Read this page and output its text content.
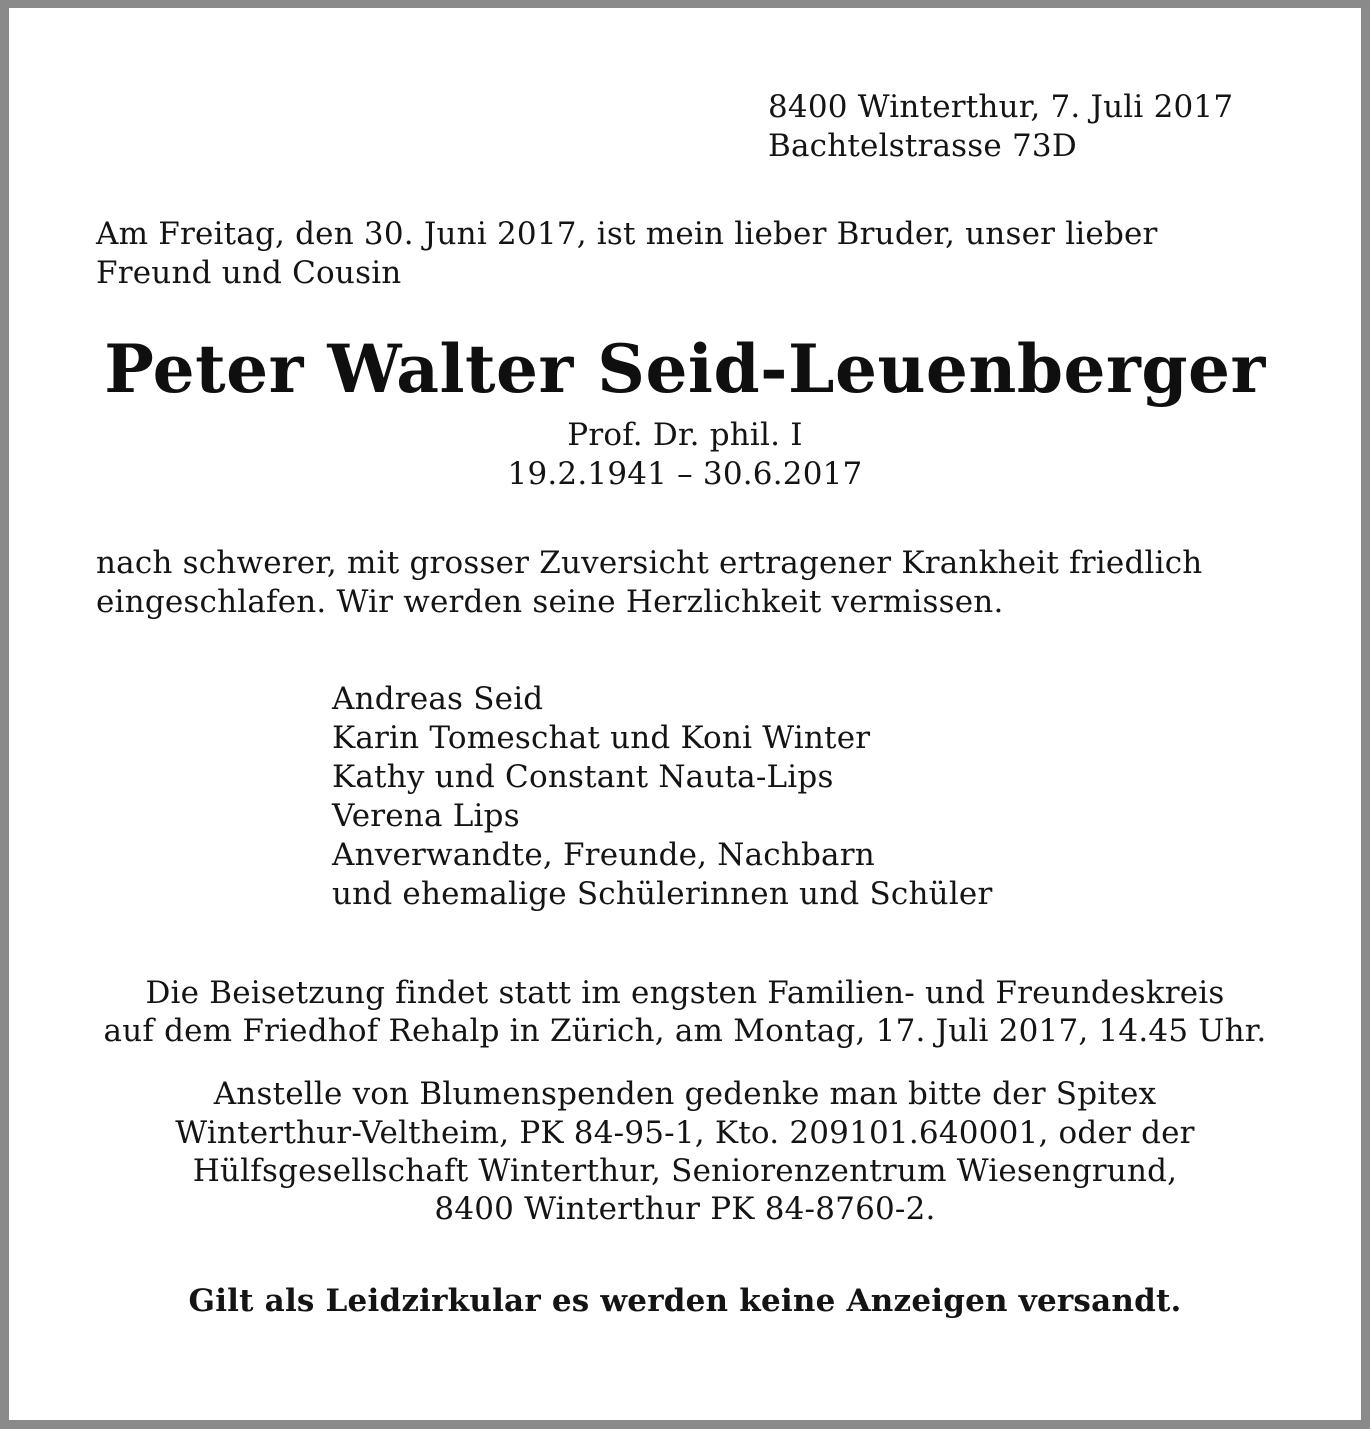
8400 Winterthur, 7. Juli 2017
Bachtelstrasse 73D
Am Freitag, den 30. Juni 2017, ist mein lieber Bruder, unser lieber
Freund und Cousin
Peter Walter Seid-Leuenberger
Prof. Dr. phil. I
19.2.1941 – 30.6.2017
nach schwerer, mit grosser Zuversicht ertragener Krankheit friedlich
eingeschlafen. Wir werden seine Herzlichkeit vermissen.
Andreas Seid
Karin Tomeschat und Koni Winter
Kathy und Constant Nauta-Lips
Verena Lips
Anverwandte, Freunde, Nachbarn
und ehemalige Schülerinnen und Schüler
Die Beisetzung findet statt im engsten Familien- und Freundeskreis
auf dem Friedhof Rehalp in Zürich, am Montag, 17. Juli 2017, 14.45 Uhr.
Anstelle von Blumenspenden gedenke man bitte der Spitex
Winterthur-Veltheim, PK 84-95-1, Kto. 209101.640001, oder der
Hülfsgesellschaft Winterthur, Seniorenzentrum Wiesengrund,
8400 Winterthur PK 84-8760-2.
Gilt als Leidzirkular es werden keine Anzeigen versandt.
